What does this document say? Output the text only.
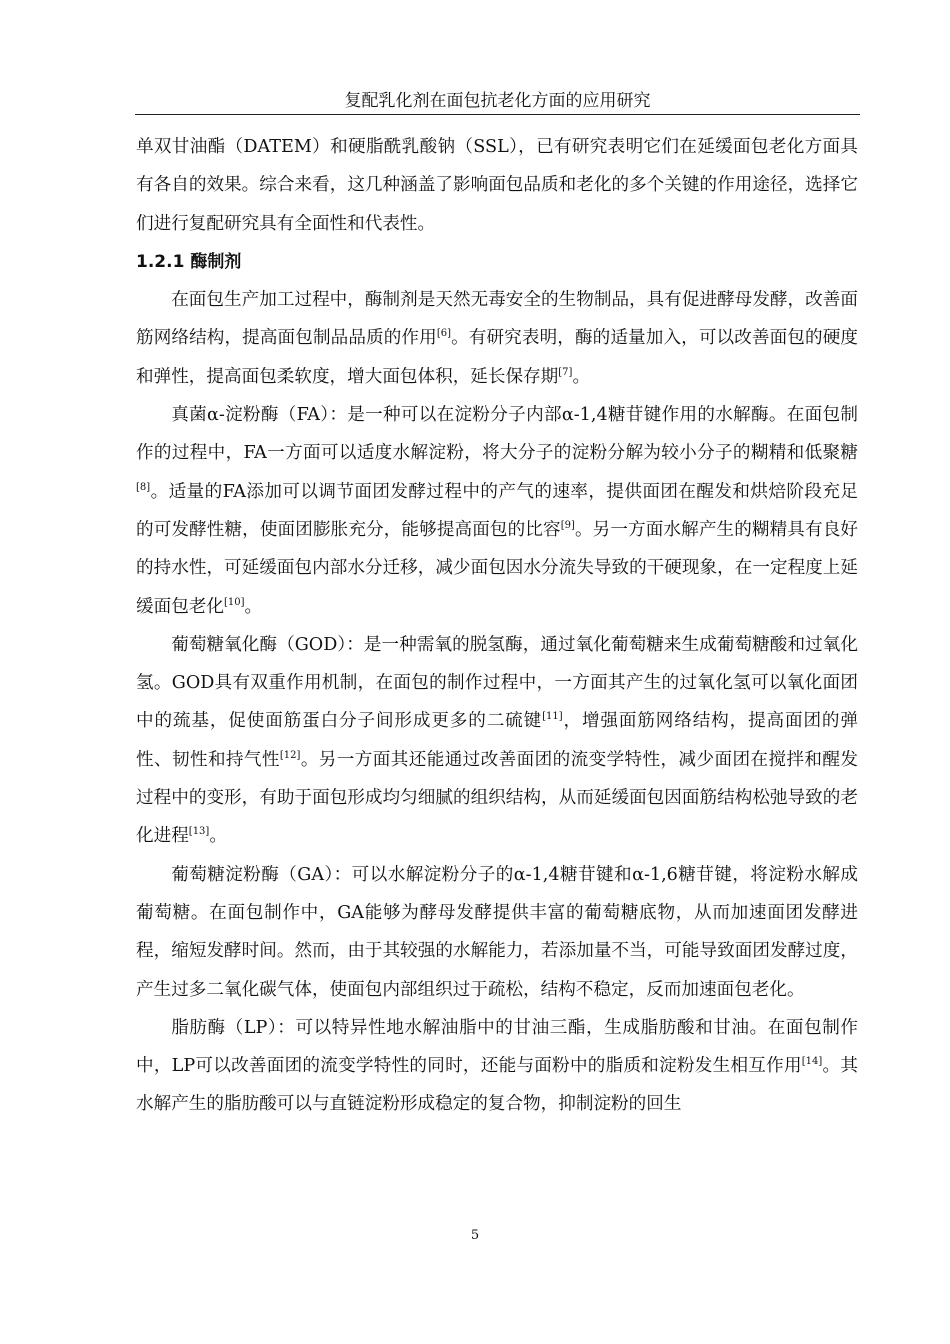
复配乳化剂在面包抗老化方面的应用研究

单双甘油酯（DATEM）和硬脂酰乳酸钠（SSL），已有研究表明它们在延缓面包老化方面具有各自的效果。综合来看，这几种涵盖了影响面包品质和老化的多个关键的作用途径，选择它们进行复配研究具有全面性和代表性。

1.2.1 酶制剂

在面包生产加工过程中，酶制剂是天然无毒安全的生物制品，具有促进酵母发酵，改善面筋网络结构，提高面包制品品质的作用[6]。有研究表明，酶的适量加入，可以改善面包的硬度和弹性，提高面包柔软度，增大面包体积，延长保存期[7]。

真菌α-淀粉酶（FA）：是一种可以在淀粉分子内部α-1,4糖苷键作用的水解酶。在面包制作的过程中，FA一方面可以适度水解淀粉，将大分子的淀粉分解为较小分子的糊精和低聚糖[8]。适量的FA添加可以调节面团发酵过程中的产气的速率，提供面团在醒发和烘焙阶段充足的可发酵性糖，使面团膨胀充分，能够提高面包的比容[9]。另一方面水解产生的糊精具有良好的持水性，可延缓面包内部水分迁移，减少面包因水分流失导致的干硬现象，在一定程度上延缓面包老化[10]。

葡萄糖氧化酶（GOD）：是一种需氧的脱氢酶，通过氧化葡萄糖来生成葡萄糖酸和过氧化氢。GOD具有双重作用机制，在面包的制作过程中，一方面其产生的过氧化氢可以氧化面团中的巯基，促使面筋蛋白分子间形成更多的二硫键[11]，增强面筋网络结构，提高面团的弹性、韧性和持气性[12]。另一方面其还能通过改善面团的流变学特性，减少面团在搅拌和醒发过程中的变形，有助于面包形成均匀细腻的组织结构，从而延缓面包因面筋结构松弛导致的老化进程[13]。

葡萄糖淀粉酶（GA）：可以水解淀粉分子的α-1,4糖苷键和α-1,6糖苷键，将淀粉水解成葡萄糖。在面包制作中，GA能够为酵母发酵提供丰富的葡萄糖底物，从而加速面团发酵进程，缩短发酵时间。然而，由于其较强的水解能力，若添加量不当，可能导致面团发酵过度，产生过多二氧化碳气体，使面包内部组织过于疏松，结构不稳定，反而加速面包老化。

脂肪酶（LP）：可以特异性地水解油脂中的甘油三酯，生成脂肪酸和甘油。在面包制作中，LP可以改善面团的流变学特性的同时，还能与面粉中的脂质和淀粉发生相互作用[14]。其水解产生的脂肪酸可以与直链淀粉形成稳定的复合物，抑制淀粉的回生

5
